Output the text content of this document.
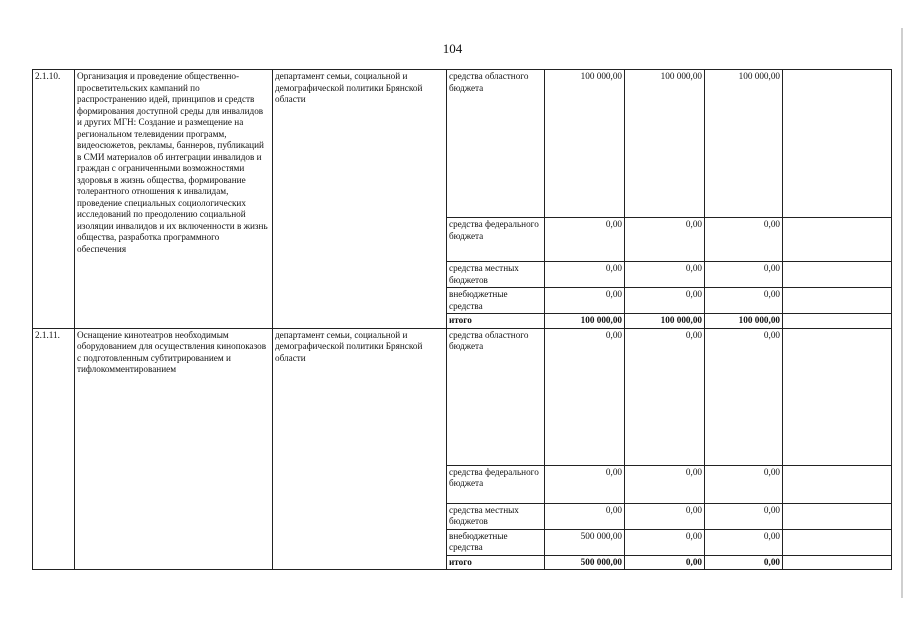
104
2.1.10.	Организация и проведение общественно-просветительских кампаний по распространению идей, принципов и средств формирования доступной среды для инвалидов и других МГН: Создание и размещение на региональном телевидении программ, видеосюжетов, рекламы, баннеров, публикаций в СМИ материалов об интеграции инвалидов и граждан с ограниченными возможностями здоровья в жизнь общества, формирование толерантного отношения к инвалидам, проведение специальных социологических исследований по преодолению социальной изоляции инвалидов и их включенности в жизнь общества, разработка программного обеспечения	департамент семьи, социальной и демографической политики Брянской области	средства областного бюджета	100 000,00	100 000,00	100 000,00	
			средства федерального бюджета	0,00	0,00	0,00	
			средства местных бюджетов	0,00	0,00	0,00	
			внебюджетные средства	0,00	0,00	0,00	
			итого	100 000,00	100 000,00	100 000,00	
2.1.11.	Оснащение кинотеатров необходимым оборудованием для осуществления кинопоказов с подготовленным субтитрированием и тифлокомментированием	департамент семьи, социальной и демографической политики Брянской области	средства областного бюджета	0,00	0,00	0,00	
			средства федерального бюджета	0,00	0,00	0,00	
			средства местных бюджетов	0,00	0,00	0,00	
			внебюджетные средства	500 000,00	0,00	0,00	
			итого	500 000,00	0,00	0,00	
